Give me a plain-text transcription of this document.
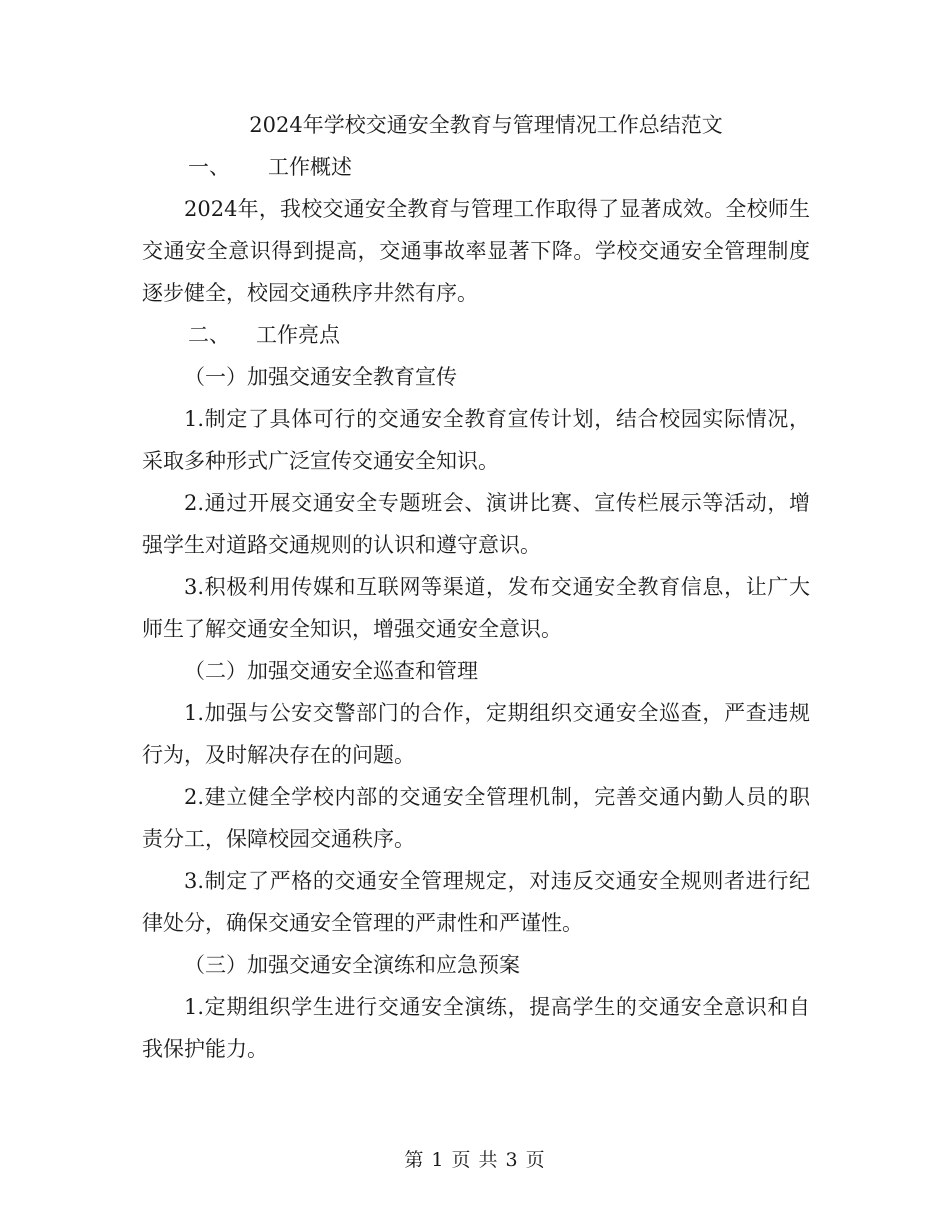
2024年学校交通安全教育与管理情况工作总结范文

一、 工作概述

2024年，我校交通安全教育与管理工作取得了显著成效。全校师生交通安全意识得到提高，交通事故率显著下降。学校交通安全管理制度逐步健全，校园交通秩序井然有序。

二、 工作亮点

（一）加强交通安全教育宣传

1.制定了具体可行的交通安全教育宣传计划，结合校园实际情况，采取多种形式广泛宣传交通安全知识。

2.通过开展交通安全专题班会、演讲比赛、宣传栏展示等活动，增强学生对道路交通规则的认识和遵守意识。

3.积极利用传媒和互联网等渠道，发布交通安全教育信息，让广大师生了解交通安全知识，增强交通安全意识。

（二）加强交通安全巡查和管理

1.加强与公安交警部门的合作，定期组织交通安全巡查，严查违规行为，及时解决存在的问题。

2.建立健全学校内部的交通安全管理机制，完善交通内勤人员的职责分工，保障校园交通秩序。

3.制定了严格的交通安全管理规定，对违反交通安全规则者进行纪律处分，确保交通安全管理的严肃性和严谨性。

（三）加强交通安全演练和应急预案

1.定期组织学生进行交通安全演练，提高学生的交通安全意识和自我保护能力。

第 1 页 共 3 页
